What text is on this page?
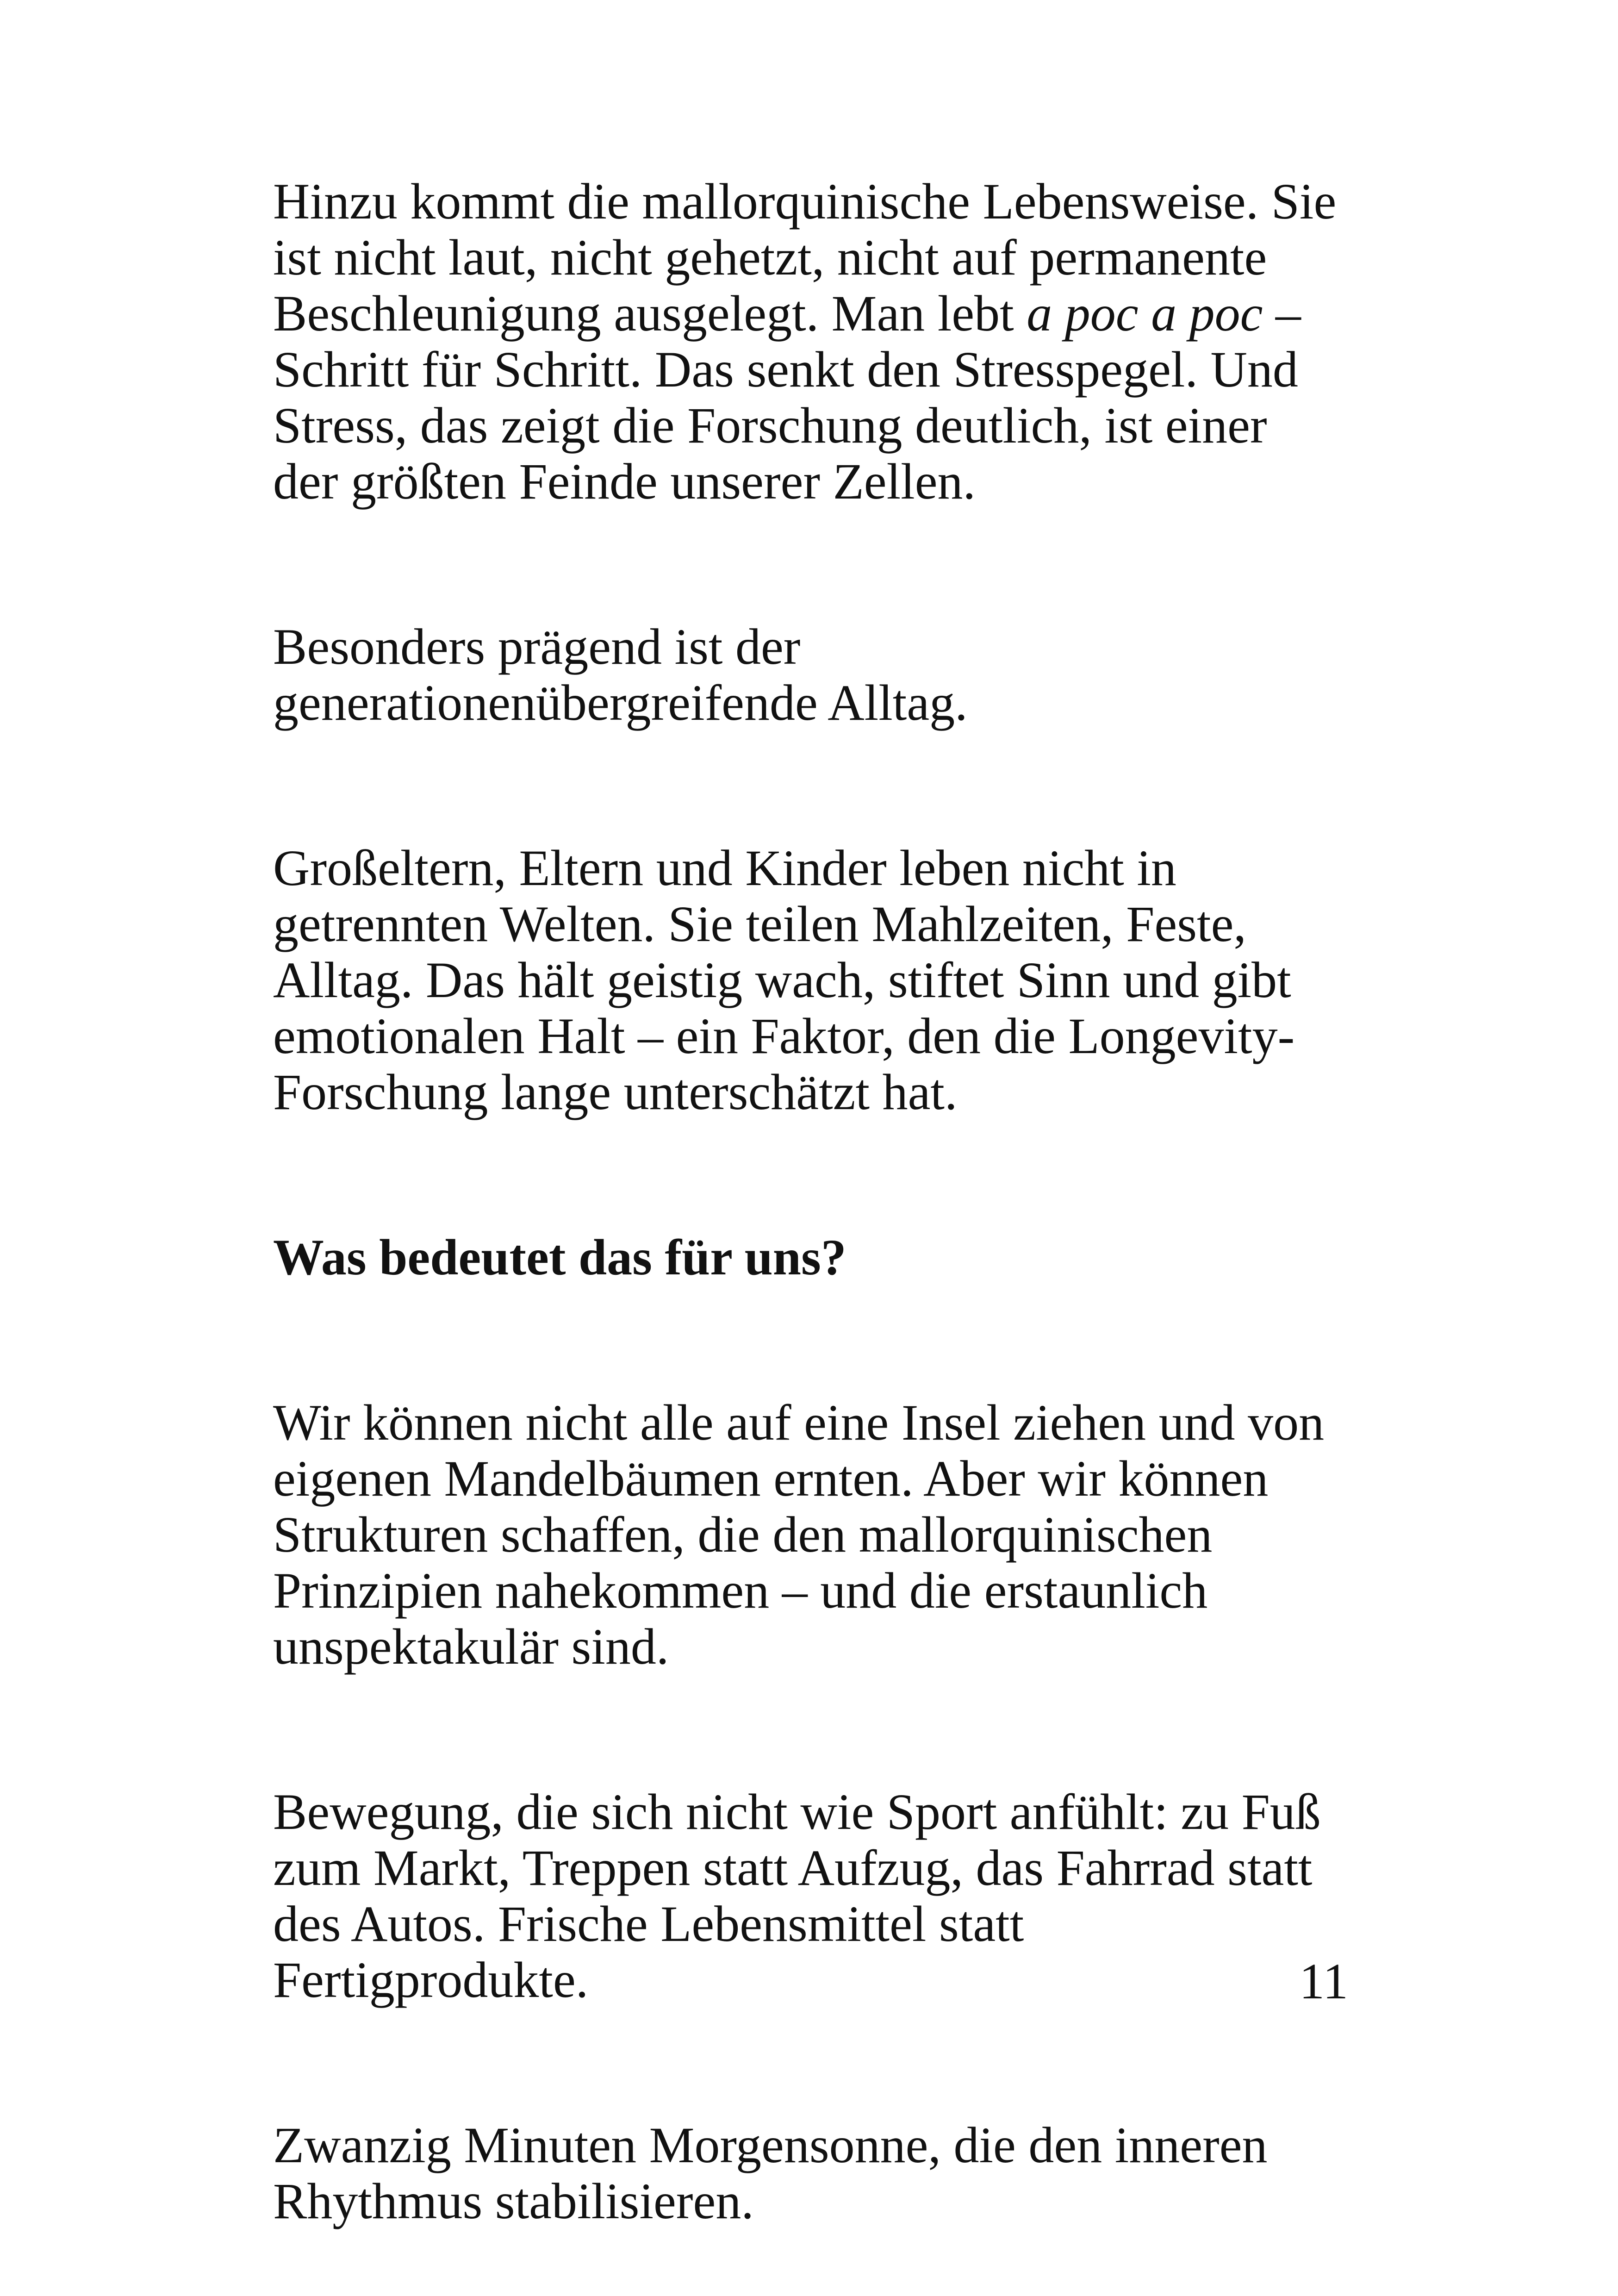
Hinzu kommt die mallorquinische Lebensweise. Sie
ist nicht laut, nicht gehetzt, nicht auf permanente
Beschleunigung ausgelegt. Man lebt a poc a poc –
Schritt für Schritt. Das senkt den Stresspegel. Und
Stress, das zeigt die Forschung deutlich, ist einer
der größten Feinde unserer Zellen.

Besonders prägend ist der
generationenübergreifende Alltag.

Großeltern, Eltern und Kinder leben nicht in
getrennten Welten. Sie teilen Mahlzeiten, Feste,
Alltag. Das hält geistig wach, stiftet Sinn und gibt
emotionalen Halt – ein Faktor, den die Longevity-
Forschung lange unterschätzt hat.

Was bedeutet das für uns?

Wir können nicht alle auf eine Insel ziehen und von
eigenen Mandelbäumen ernten. Aber wir können
Strukturen schaffen, die den mallorquinischen
Prinzipien nahekommen – und die erstaunlich
unspektakulär sind.

Bewegung, die sich nicht wie Sport anfühlt: zu Fuß
zum Markt, Treppen statt Aufzug, das Fahrrad statt
des Autos. Frische Lebensmittel statt
Fertigprodukte.

Zwanzig Minuten Morgensonne, die den inneren
Rhythmus stabilisieren.

11
